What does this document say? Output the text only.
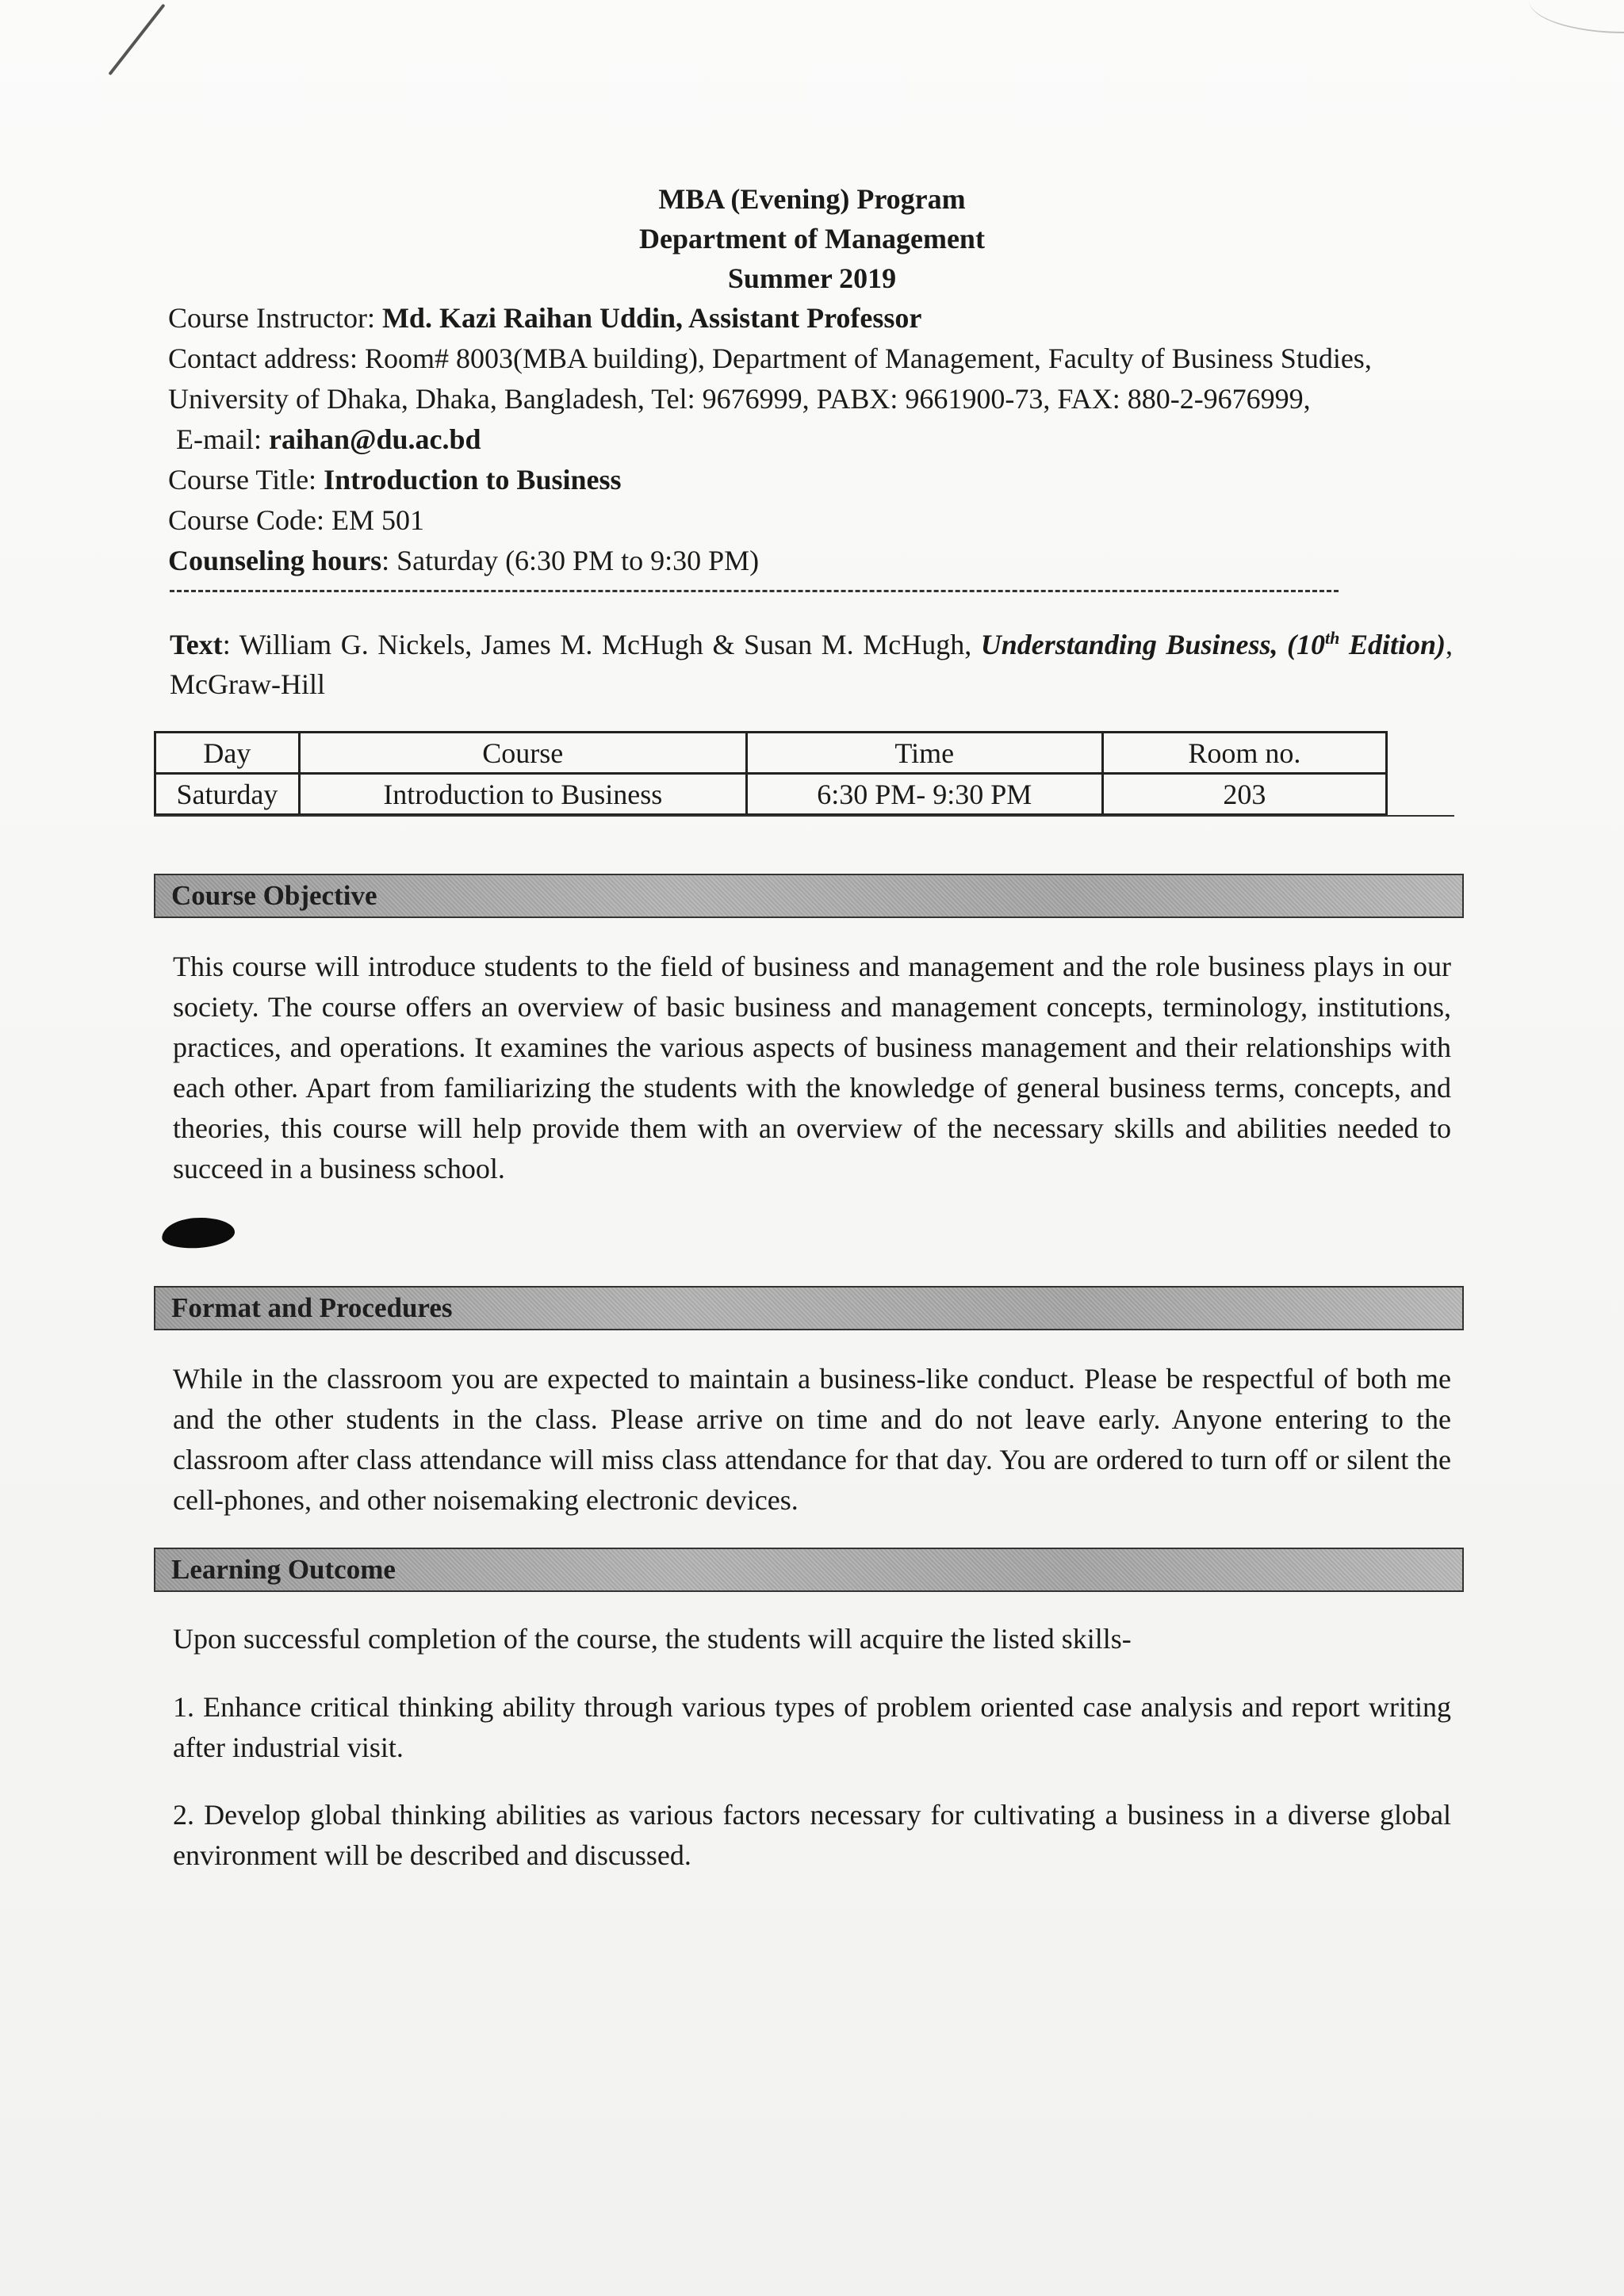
MBA (Evening) Program
Department of Management
Summer 2019
Course Instructor: Md. Kazi Raihan Uddin, Assistant Professor
Contact address: Room# 8003(MBA building), Department of Management, Faculty of Business Studies,
University of Dhaka, Dhaka, Bangladesh, Tel: 9676999, PABX: 9661900-73, FAX: 880-2-9676999,
E-mail: raihan@du.ac.bd
Course Title: Introduction to Business
Course Code: EM 501
Counseling hours: Saturday (6:30 PM to 9:30 PM)
Text: William G. Nickels, James M. McHugh & Susan M. McHugh, Understanding Business, (10th Edition), McGraw-Hill
Day	Course	Time	Room no.
Saturday	Introduction to Business	6:30 PM- 9:30 PM	203
Course Objective
This course will introduce students to the field of business and management and the role business plays in our society. The course offers an overview of basic business and management concepts, terminology, institutions, practices, and operations. It examines the various aspects of business management and their relationships with each other. Apart from familiarizing the students with the knowledge of general business terms, concepts, and theories, this course will help provide them with an overview of the necessary skills and abilities needed to succeed in a business school.
Format and Procedures
While in the classroom you are expected to maintain a business-like conduct. Please be respectful of both me and the other students in the class. Please arrive on time and do not leave early. Anyone entering to the classroom after class attendance will miss class attendance for that day. You are ordered to turn off or silent the cell-phones, and other noisemaking electronic devices.
Learning Outcome
Upon successful completion of the course, the students will acquire the listed skills-
1. Enhance critical thinking ability through various types of problem oriented case analysis and report writing after industrial visit.
2. Develop global thinking abilities as various factors necessary for cultivating a business in a diverse global environment will be described and discussed.
